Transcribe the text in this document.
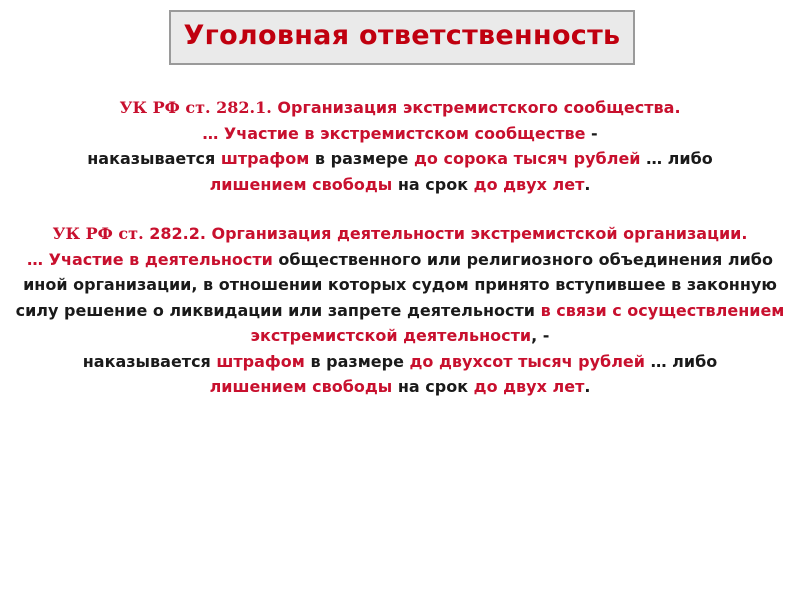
Уголовная ответственность

УК РФ ст. 282.1. Организация экстремистского сообщества.

… Участие в экстремистском сообществе -

наказывается штрафом в размере до сорока тысяч рублей … либо
лишением свободы на срок до двух лет.

УК РФ ст. 282.2. Организация деятельности экстремистской организации.

… Участие в деятельности общественного или религиозного объединения либо иной организации, в отношении которых судом принято вступившее в законную силу решение о ликвидации или запрете деятельности в связи с осуществлением экстремистской деятельности, -

наказывается штрафом в размере до двухсот тысяч рублей … либо
лишением свободы на срок до двух лет.
